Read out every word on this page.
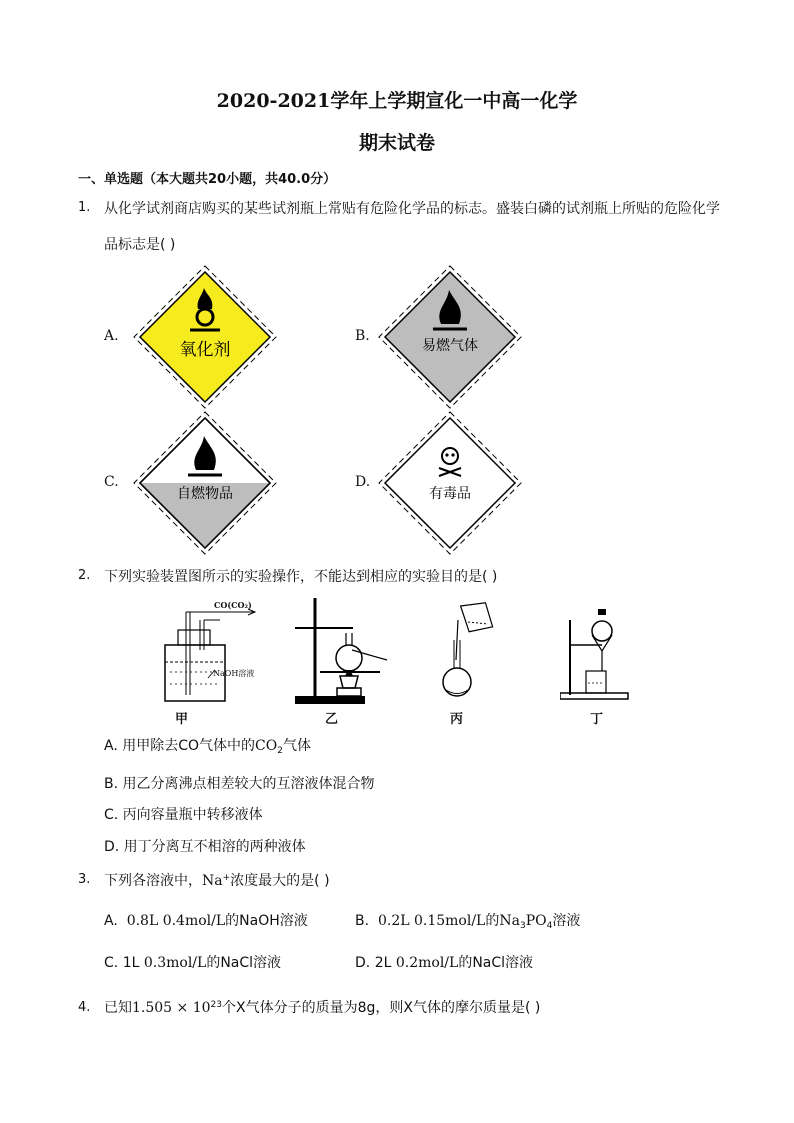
2020-2021学年上学期宣化一中高一化学
期末试卷
一、单选题（本大题共20小题，共40.0分）
1. 从化学试剂商店购买的某些试剂瓶上常贴有危险化学品的标志。盛装白磷的试剂瓶上所贴的危险化学
品标志是( )
A.
氧化剂
B.
易燃气体
C.
自燃物品
D.
有毒品
2. 下列实验装置图所示的实验操作，不能达到相应的实验目的是( )
CO(CO₂)
NaOH溶液
甲	乙	丙	丁
A. 用甲除去CO气体中的$CO_2$气体
B. 用乙分离沸点相差较大的互溶液体混合物
C. 丙向容量瓶中转移液体
D. 用丁分离互不相溶的两种液体
3. 下列各溶液中，Na+浓度最大的是( )
A. 0.8L 0.4mol/L的NaOH溶液	B. 0.2L 0.15mol/L的$Na_3PO_4$溶液
C. 1L 0.3mol/L的NaCl溶液	D. 2L 0.2mol/L的NaCl溶液
4. 已知$1.505 \times 10^{23}$个X气体分子的质量为8g，则X气体的摩尔质量是( )
